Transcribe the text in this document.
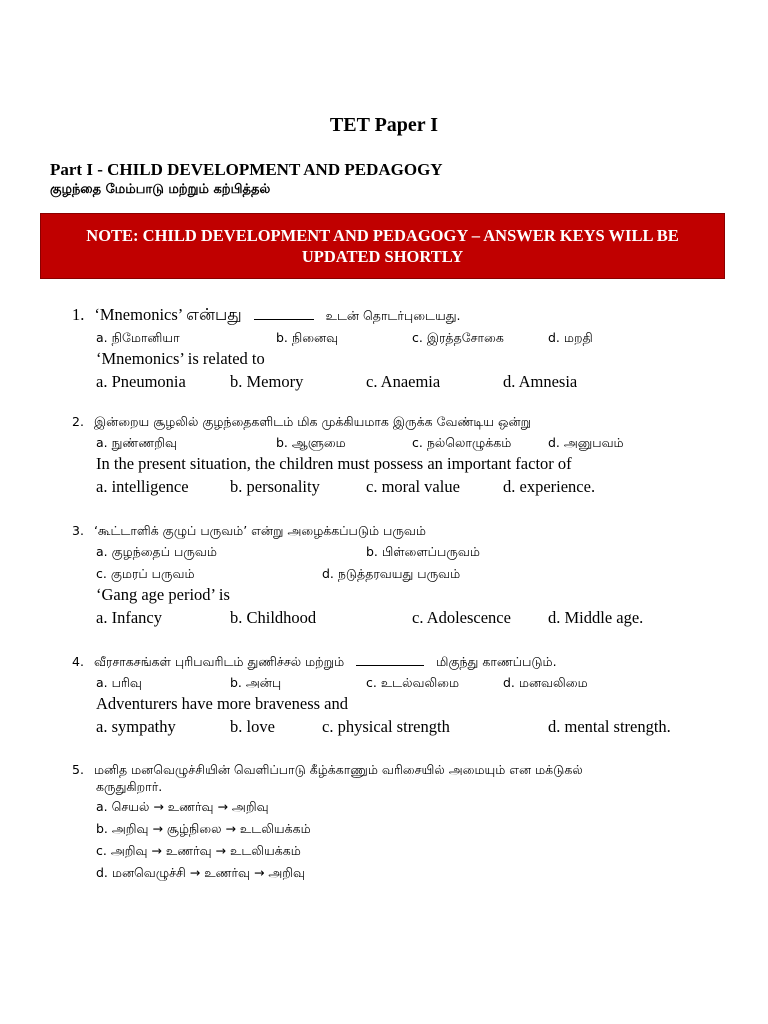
TET Paper I
Part I - CHILD DEVELOPMENT AND PEDAGOGY
குழந்தை மேம்பாடு மற்றும் கற்பித்தல்
NOTE: CHILD DEVELOPMENT AND PEDAGOGY – ANSWER KEYS WILL BE
UPDATED SHORTLY
1. ‘Mnemonics’ என்பது	உடன் தொடர்புடையது.
a. நிமோனியா	b. நினைவு	c. இரத்தசோகை	d. மறதி
‘Mnemonics’ is related to
a. Pneumonia	b. Memory	c. Anaemia	d. Amnesia
2. இன்றைய சூழலில் குழந்தைகளிடம் மிக முக்கியமாக இருக்க வேண்டிய ஒன்று
a. நுண்ணறிவு	b. ஆளுமை	c. நல்லொழுக்கம்	d. அனுபவம்
In the present situation, the children must possess an important factor of
a. intelligence	b. personality	c. moral value	d. experience.
3. ‘கூட்டாளிக் குழுப் பருவம்’ என்று அழைக்கப்படும் பருவம்
a. குழந்தைப் பருவம்	b. பிள்ளைப்பருவம்
c. குமரப் பருவம்	d. நடுத்தரவயது பருவம்
‘Gang age period’ is
a. Infancy	b. Childhood	c. Adolescence d. Middle age.
4. வீரசாகசங்கள் புரிபவரிடம் துணிச்சல் மற்றும்	மிகுந்து காணப்படும்.
a. பரிவு	b. அன்பு	c. உடல்வலிமை	d. மனவலிமை
Adventurers have more braveness and
a. sympathy	b. love	c. physical strength	d. mental strength.
5. மனித மனவெழுச்சியின் வெளிப்பாடு கீழ்க்காணும் வரிசையில் அமையும் என மக்டுகல்
கருதுகிறார்.
a. செயல் → உணர்வு → அறிவு
b. அறிவு → சூழ்நிலை → உடலியக்கம்
c. அறிவு → உணர்வு → உடலியக்கம்
d. மனவெழுச்சி → உணர்வு → அறிவு
